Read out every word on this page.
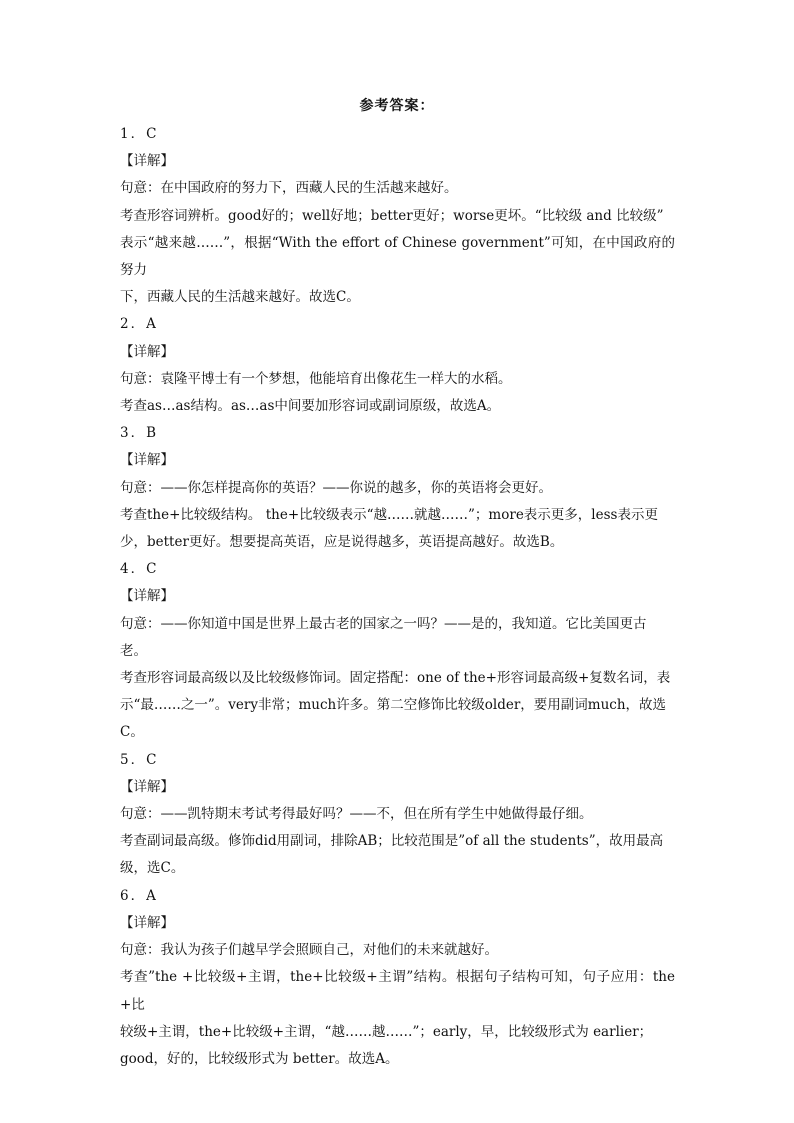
参考答案：

1．C

【详解】

句意：在中国政府的努力下，西藏人民的生活越来越好。

考查形容词辨析。good好的；well好地；better更好；worse更坏。“比较级 and 比较级”

表示“越来越……”，根据“With the effort of Chinese government”可知，在中国政府的努力

下，西藏人民的生活越来越好。故选C。

2．A

【详解】

句意：袁隆平博士有一个梦想，他能培育出像花生一样大的水稻。

考查as…as结构。as…as中间要加形容词或副词原级，故选A。

3．B

【详解】

句意：——你怎样提高你的英语？——你说的越多，你的英语将会更好。

考查the+比较级结构。 the+比较级表示“越……就越……”；more表示更多，less表示更

少，better更好。想要提高英语，应是说得越多，英语提高越好。故选B。

4．C

【详解】

句意：——你知道中国是世界上最古老的国家之一吗？——是的，我知道。它比美国更古

老。

考查形容词最高级以及比较级修饰词。固定搭配：one of the+形容词最高级+复数名词，表

示“最……之一”。very非常；much许多。第二空修饰比较级older，要用副词much，故选

C。

5．C

【详解】

句意：——凯特期末考试考得最好吗？——不，但在所有学生中她做得最仔细。

考查副词最高级。修饰did用副词，排除AB；比较范围是”of all the students”，故用最高

级，选C。

6．A

【详解】

句意：我认为孩子们越早学会照顾自己，对他们的未来就越好。

考查”the +比较级+主谓，the+比较级+主谓”结构。根据句子结构可知，句子应用：the +比

较级+主谓，the+比较级+主谓，“越……越……”；early，早，比较级形式为 earlier；

good，好的，比较级形式为 better。故选A。
